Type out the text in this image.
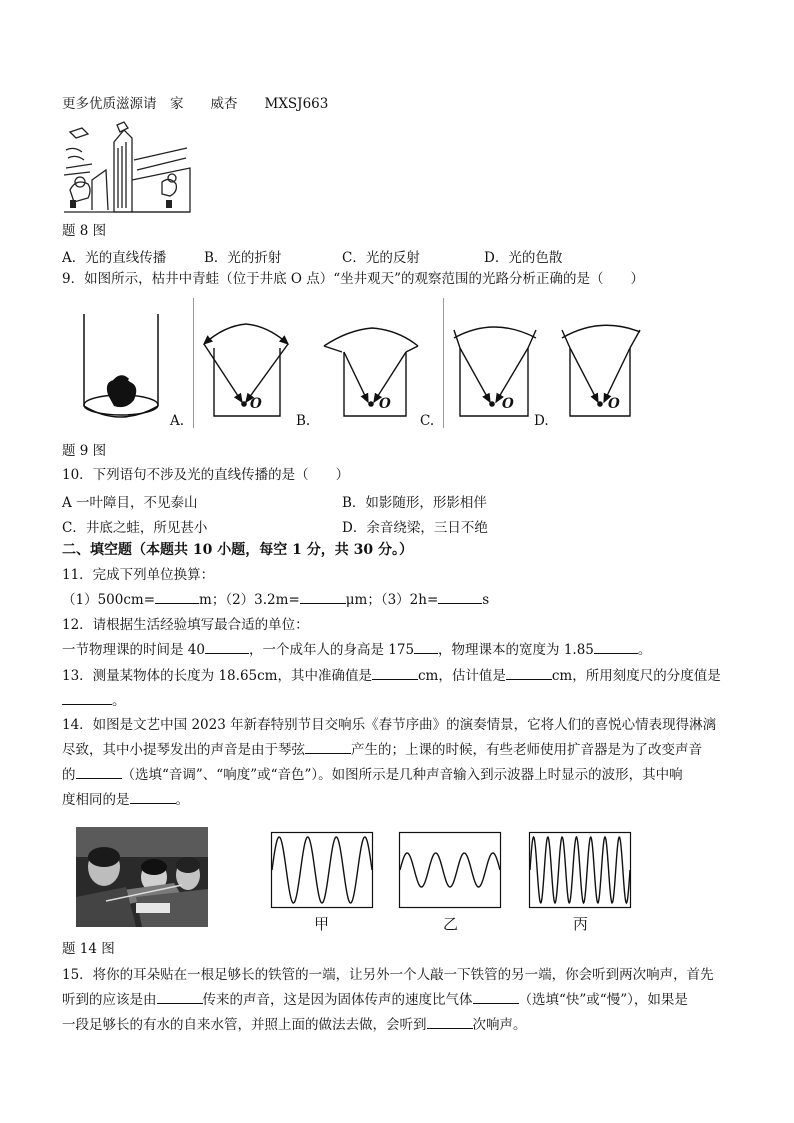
更多优质滋源请　家　　威杏　　MXSJ663
题 8 图
A．光的直线传播	B．光的折射	C．光的反射	D．光的色散
9．如图所示，枯井中青蛙（位于井底 O 点）“坐井观天”的观察范围的光路分析正确的是（　　）
A.
O
B.
O
C.
O
D.
O
题 9 图
10．下列语句不涉及光的直线传播的是（　　）
A 一叶障目，不见泰山	B．如影随形，形影相伴
C．井底之蛙，所见甚小	D．余音绕梁，三日不绝
二、填空题（本题共 10 小题，每空 1 分，共 30 分。）
11．完成下列单位换算：
（1）500cm=	m；（2）3.2m=	μm；（3）2h=	s
12．请根据生活经验填写最合适的单位：
一节物理课的时间是 40	，一个成年人的身高是 175 ，物理课本的宽度为 1.85	。
13．测量某物体的长度为 18.65cm，其中准确值是	cm，估计值是	cm，所用刻度尺的分度值是
。
14．如图是文艺中国 2023 年新春特别节目交响乐《春节序曲》的演奏情景，它将人们的喜悦心情表现得淋漓
尽致，其中小提琴发出的声音是由于琴弦	产生的；上课的时候，有些老师使用扩音器是为了改变声音
的	（选填“音调”、“响度”或“音色”）。如图所示是几种声音输入到示波器上时显示的波形，其中响
度相同的是	。
甲	乙	丙
题 14 图
15．将你的耳朵贴在一根足够长的铁管的一端，让另外一个人敲一下铁管的另一端，你会听到两次响声，首先
听到的应该是由	传来的声音，这是因为固体传声的速度比气体	（选填“快”或“慢”），如果是
一段足够长的有水的自来水管，并照上面的做法去做，会听到	次响声。
